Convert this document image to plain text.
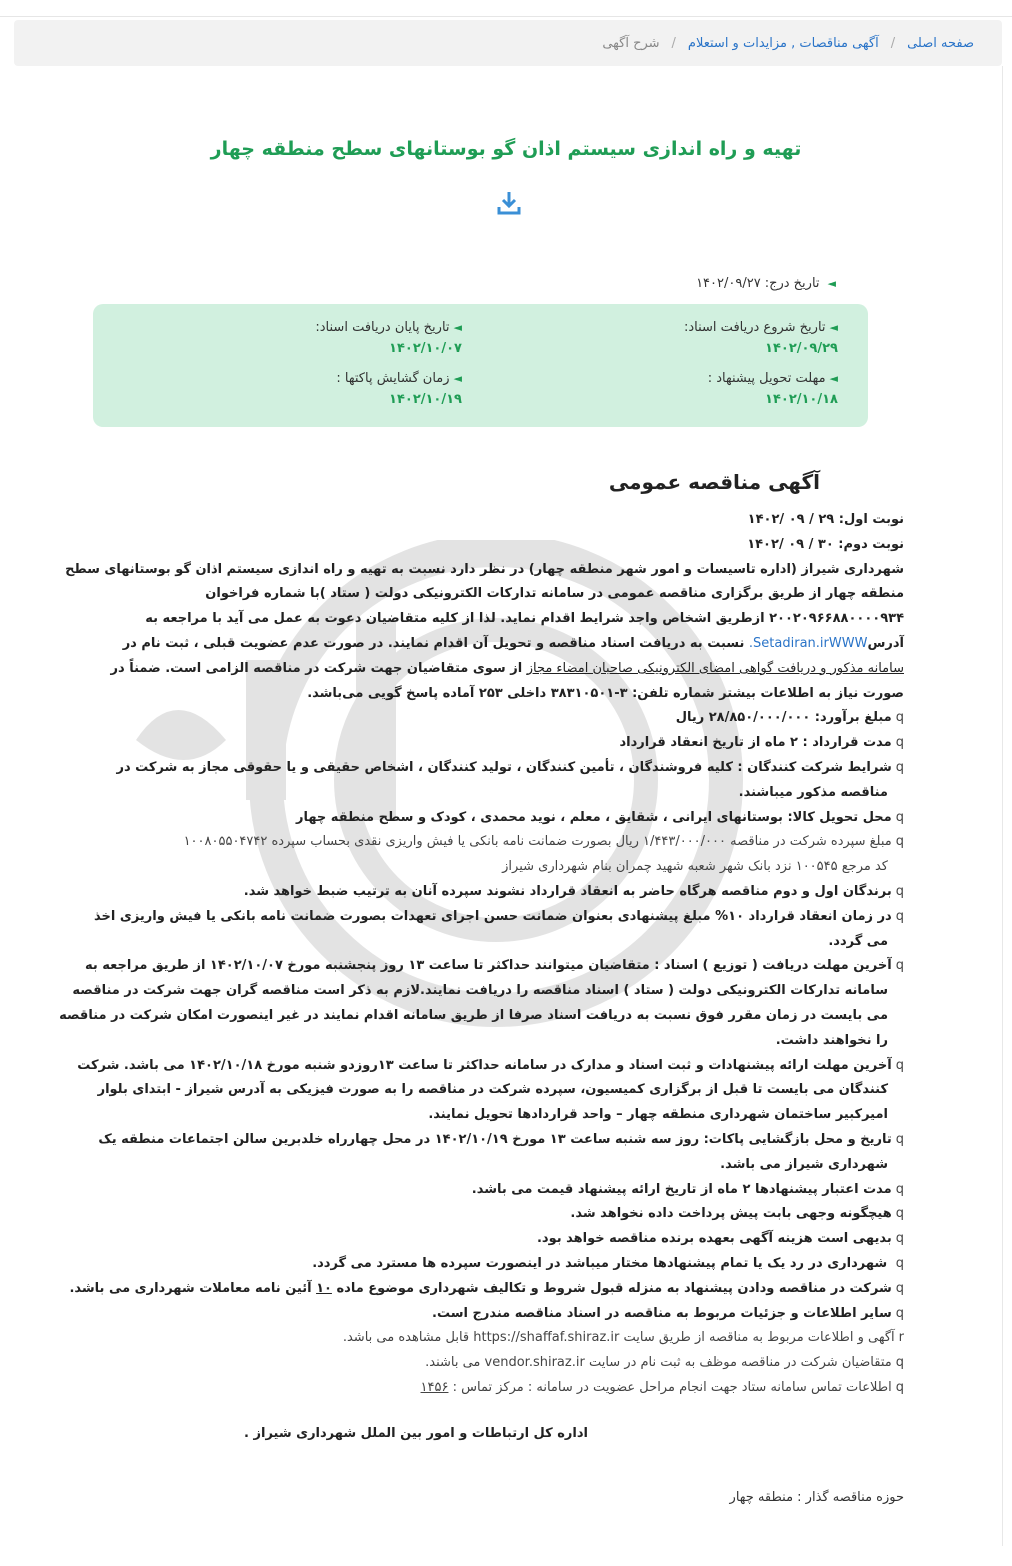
صفحه اصلی
/
آگهی مناقصات , مزایدات و استعلام
/
شرح آگهی
تهیه و راه اندازی سیستم اذان گو بوستانهای سطح منطقه چهار
◄
تاریخ درج:
۱۴۰۲/۰۹/۲۷
◄
تاریخ شروع دریافت اسناد:
۱۴۰۲/۰۹/۲۹
◄
تاریخ پایان دریافت اسناد:
۱۴۰۲/۱۰/۰۷
◄
مهلت تحویل پیشنهاد :
۱۴۰۲/۱۰/۱۸
◄
زمان گشایش پاکتها :
۱۴۰۲/۱۰/۱۹
آگهی مناقصه عمومی
نوبت اول: ۲۹ / ۰۹ /۱۴۰۲
نوبت دوم: ۳۰ / ۰۹ /۱۴۰۲
شهرداری شیراز (اداره تاسیسات و امور شهر منطقه چهار) در نظر دارد نسبت به تهیه و راه اندازی سیستم اذان گو بوستانهای سطح
منطقه چهار از طریق برگزاری مناقصه عمومی در سامانه تدارکات الکترونیکی دولت ( ستاد )با شماره فراخوان
۲۰۰۲۰۹۶۶۸۸۰۰۰۰۹۳۴ ازطریق اشخاص واجد شرایط اقدام نماید. لذا از کلیه متقاضیان دعوت به عمل می آید با مراجعه به
آدرسSetadiran.irWWW. نسبت به دریافت اسناد مناقصه و تحویل آن اقدام نمایند. در صورت عدم عضویت قبلی ، ثبت نام در
سامانه مذکور و دریافت گواهی امضای الکترونیکی صاحبان امضاء مجاز از سوی متقاضیان جهت شرکت در مناقصه الزامی است. ضمناً در
صورت نیاز به اطلاعات بیشتر شماره تلفن: ۳-۳۸۳۱۰۵۰۱ داخلی ۲۵۳ آماده پاسخ گویی می‌باشد.
qمبلغ برآورد: ۲۸/۸۵۰/۰۰۰/۰۰۰ ریال
qمدت قرارداد : ۲ ماه از تاریخ انعقاد قرارداد
qشرایط شرکت کنندگان : کلیه فروشندگان ، تأمین کنندگان ، تولید کنندگان ، اشخاص حقیقی و یا حقوقی مجاز به شرکت در
مناقصه مذکور میباشند.
qمحل تحویل کالا: بوستانهای ایرانی ، شقایق ، معلم ، نوید محمدی ، کودک و سطح منطقه چهار
qمبلغ سپرده شرکت در مناقصه ۱/۴۴۳/۰۰۰/۰۰۰ ریال بصورت ضمانت نامه بانکی یا فیش واریزی نقدی بحساب سپرده ۱۰۰۸۰۵۵۰۴۷۴۲
کد مرجع ۱۰۰۵۴۵ نزد بانک شهر شعبه شهید چمران بنام شهرداری شیراز
qبرندگان اول و دوم مناقصه هرگاه حاضر به انعقاد قرارداد نشوند سپرده آنان به ترتیب ضبط خواهد شد.
qدر زمان انعقاد قرارداد ۱۰% مبلغ پیشنهادی بعنوان ضمانت حسن اجرای تعهدات بصورت ضمانت نامه بانکی یا فیش واریزی اخذ
می گردد.
qآخرین مهلت دریافت ( توزیع ) اسناد : متقاضیان میتوانند حداکثر تا ساعت ۱۳ روز پنجشنبه مورخ ۱۴۰۲/۱۰/۰۷ از طریق مراجعه به
سامانه تدارکات الکترونیکی دولت ( ستاد ) اسناد مناقصه را دریافت نمایند.لازم به ذکر است مناقصه گران جهت شرکت در مناقصه
می بایست در زمان مقرر فوق نسبت به دریافت اسناد صرفا از طریق سامانه اقدام نمایند در غیر اینصورت امکان شرکت در مناقصه
را نخواهند داشت.
qآخرین مهلت ارائه پیشنهادات و ثبت اسناد و مدارک در سامانه حداکثر تا ساعت ۱۳روزدو شنبه مورخ ۱۴۰۲/۱۰/۱۸ می باشد. شرکت
کنندگان می بایست تا قبل از برگزاری کمیسیون، سپرده شرکت در مناقصه را به صورت فیزیکی به آدرس شیراز - ابتدای بلوار
امیرکبیر ساختمان شهرداری منطقه چهار – واحد قراردادها تحویل نمایند.
qتاریخ و محل بازگشایی پاکات: روز سه شنبه ساعت ۱۳ مورخ ۱۴۰۲/۱۰/۱۹ در محل چهارراه خلدبرین سالن اجتماعات منطقه یک
شهرداری شیراز می باشد.
qمدت اعتبار پیشنهادها ۲ ماه از تاریخ ارائه پیشنهاد قیمت می باشد.
qهیچگونه وجهی بابت پیش پرداخت داده نخواهد شد.
qبدیهی است هزینه آگهی بعهده برنده مناقصه خواهد بود.
q شهرداری در رد یک یا تمام پیشنهادها مختار میباشد در اینصورت سپرده ها مسترد می گردد.
qشرکت در مناقصه ودادن پیشنهاد به منزله قبول شروط و تکالیف شهرداری موضوع ماده ۱۰ آئین نامه معاملات شهرداری می باشد.
qسایر اطلاعات و جزئیات مربوط به مناقصه در اسناد مناقصه مندرج است.
rآگهی و اطلاعات مربوط به مناقصه از طریق سایت https://shaffaf.shiraz.ir قابل مشاهده می باشد.
qمتقاضیان شرکت در مناقصه موظف به ثبت نام در سایت vendor.shiraz.ir می باشند.
qاطلاعات تماس سامانه ستاد جهت انجام مراحل عضویت در سامانه : مرکز تماس : ۱۴۵۶
اداره کل ارتباطات و امور بین الملل شهرداری شیراز .
حوزه مناقصه گذار : منطقه چهار
